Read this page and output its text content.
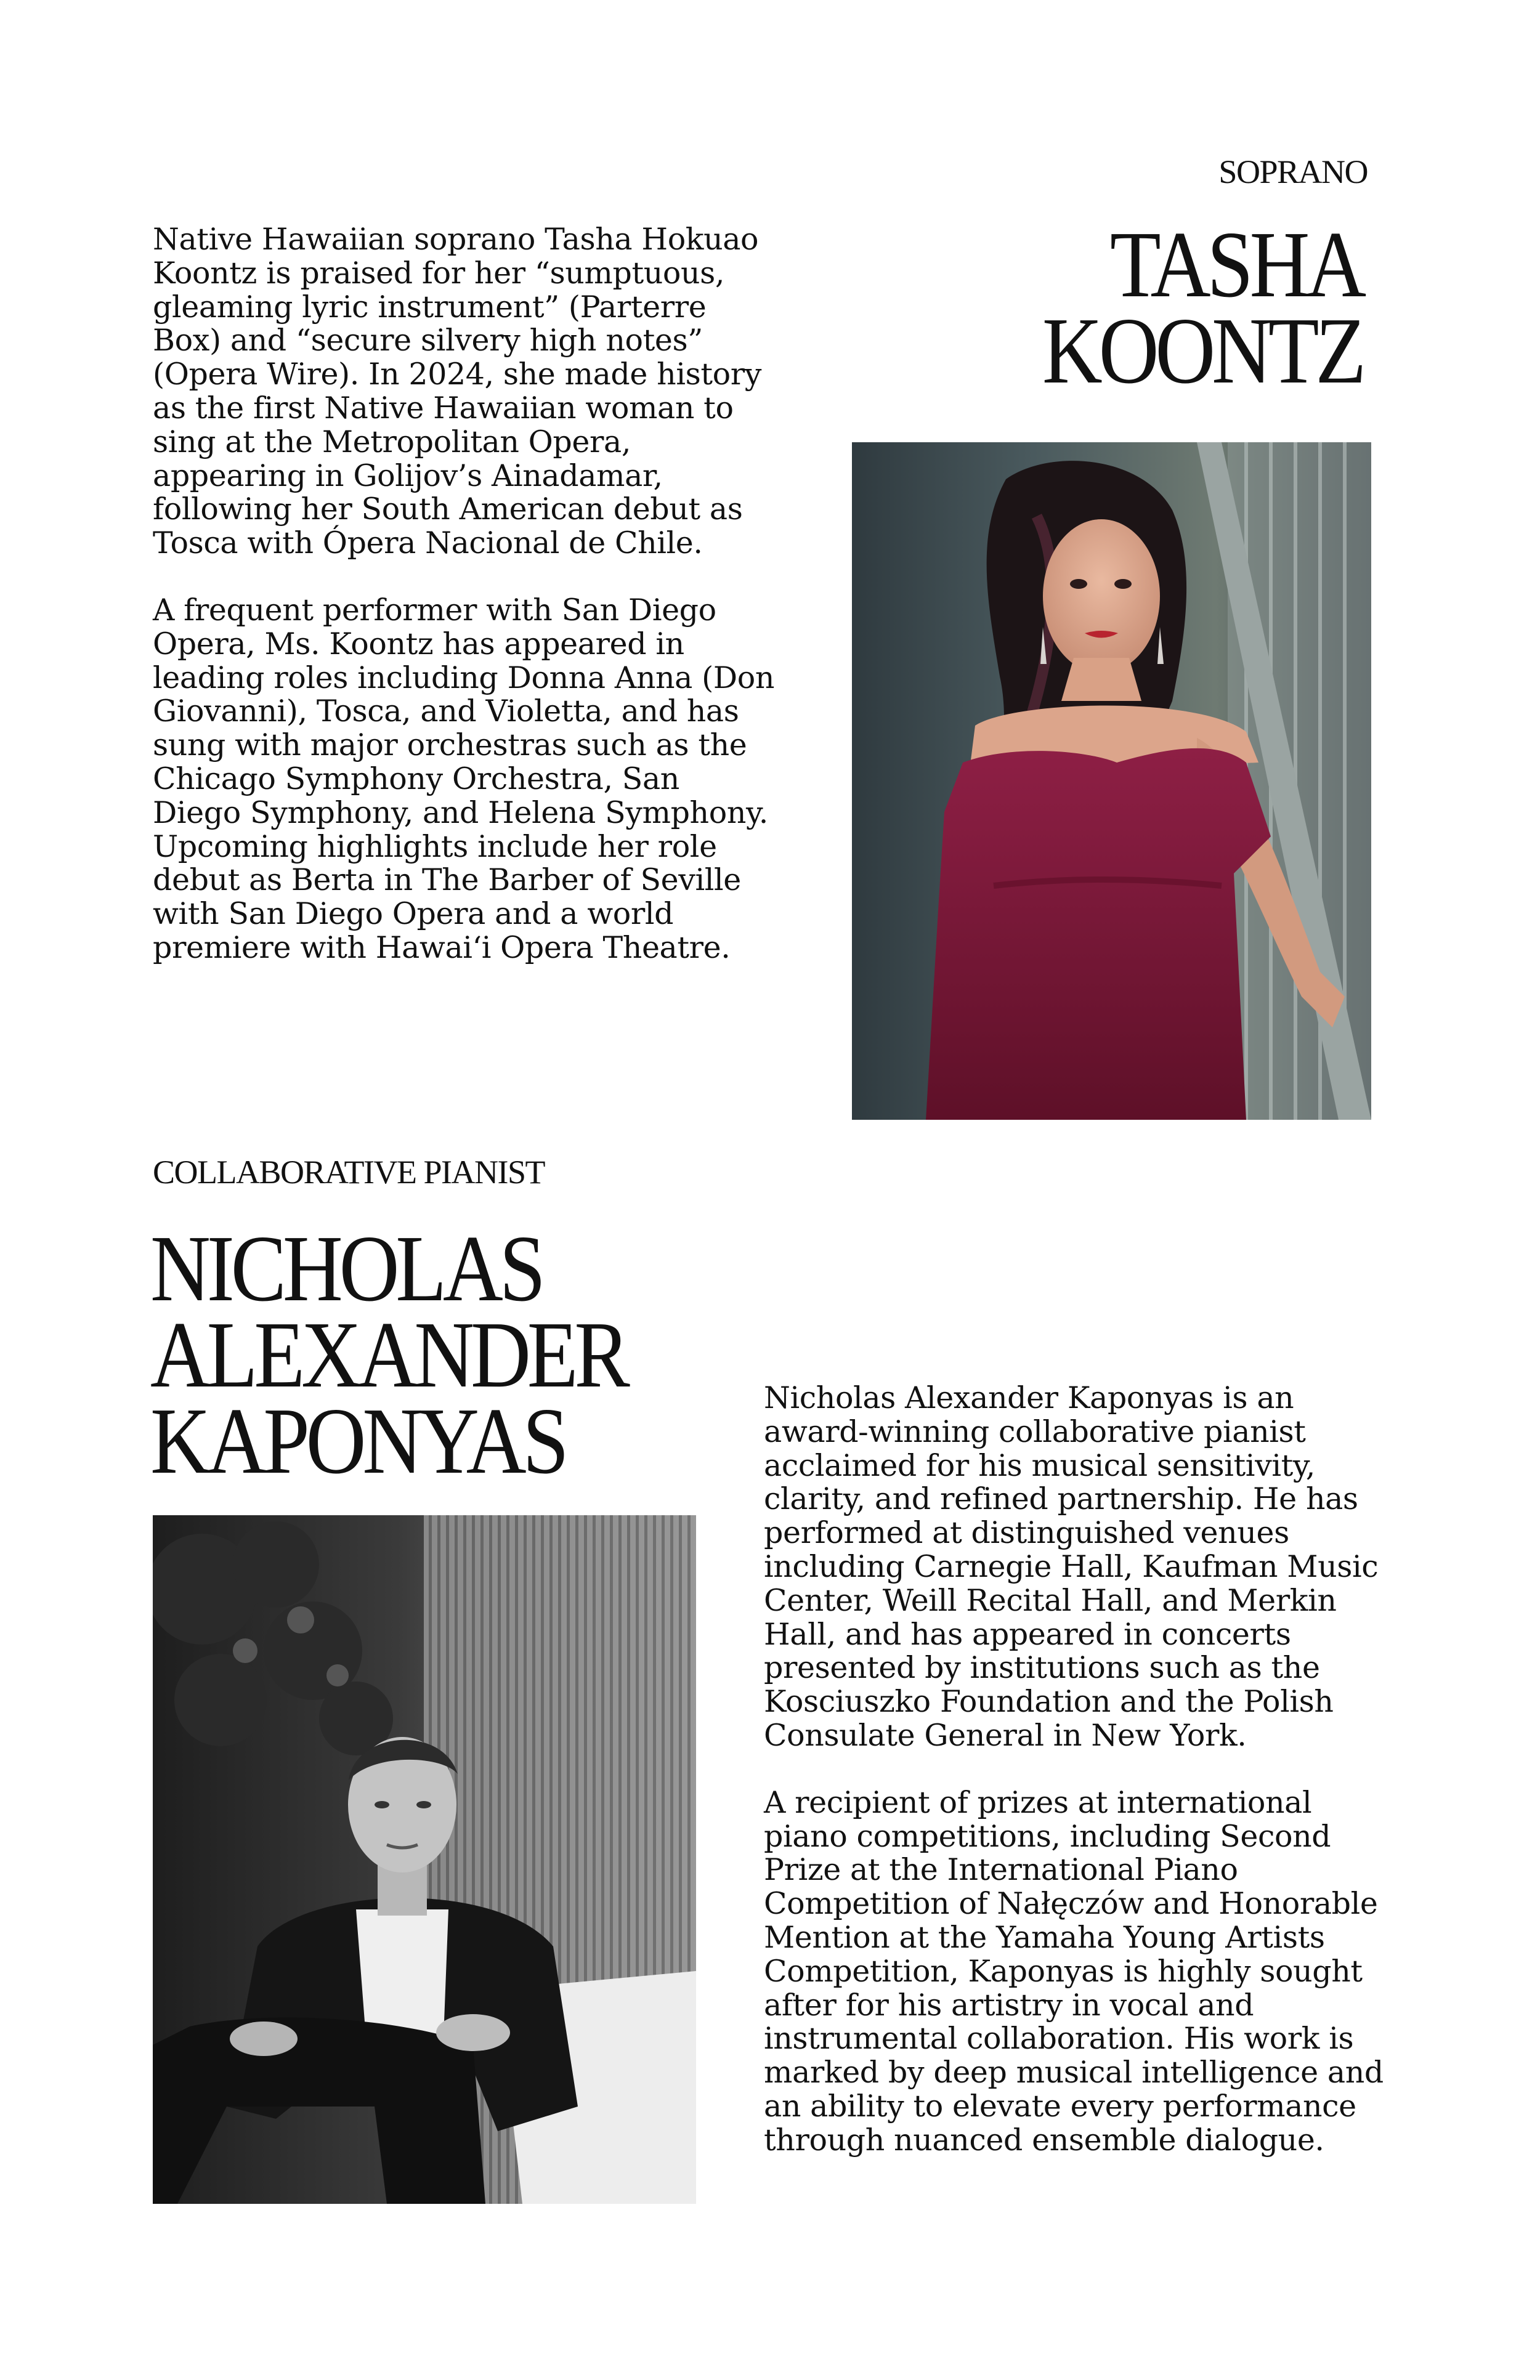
SOPRANO
TASHA
KOONTZ

Native Hawaiian soprano Tasha Hokuao Koontz is praised for her “sumptuous, gleaming lyric instrument” (Parterre Box) and “secure silvery high notes” (Opera Wire). In 2024, she made history as the first Native Hawaiian woman to sing at the Metropolitan Opera, appearing in Golijov’s Ainadamar, following her South American debut as Tosca with Ópera Nacional de Chile.

A frequent performer with San Diego Opera, Ms. Koontz has appeared in leading roles including Donna Anna (Don Giovanni), Tosca, and Violetta, and has sung with major orchestras such as the Chicago Symphony Orchestra, San Diego Symphony, and Helena Symphony. Upcoming highlights include her role debut as Berta in The Barber of Seville with San Diego Opera and a world premiere with Hawaiʻi Opera Theatre.

COLLABORATIVE PIANIST
NICHOLAS
ALEXANDER
KAPONYAS	Nicholas Alexander Kaponyas is an award-winning collaborative pianist acclaimed for his musical sensitivity, clarity, and refined partnership. He has performed at distinguished venues including Carnegie Hall, Kaufman Music Center, Weill Recital Hall, and Merkin Hall, and has appeared in concerts presented by institutions such as the Kosciuszko Foundation and the Polish Consulate General in New York.

A recipient of prizes at international piano competitions, including Second Prize at the International Piano Competition of Nałęczów and Honorable Mention at the Yamaha Young Artists Competition, Kaponyas is highly sought after for his artistry in vocal and instrumental collaboration. His work is marked by deep musical intelligence and an ability to elevate every performance through nuanced ensemble dialogue.
